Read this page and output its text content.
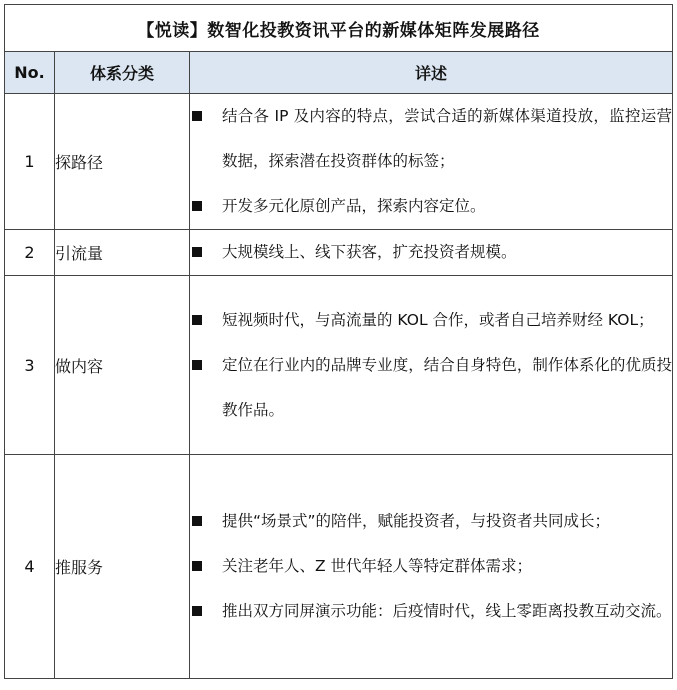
【悦读】数智化投教资讯平台的新媒体矩阵发展路径		
No.	体系分类	详述
1	探路径	结合各 IP 及内容的特点，尝试合适的新媒体渠道投放，监控运营数据，探索潜在投资群体的标签；
开发多元化原创产品，探索内容定位。

2	引流量	大规模线上、线下获客，扩充投资者规模。

3	做内容	短视频时代，与高流量的 KOL 合作，或者自己培养财经 KOL；
定位在行业内的品牌专业度，结合自身特色，制作体系化的优质投教作品。

4	推服务	提供“场景式”的陪伴，赋能投资者，与投资者共同成长；
关注老年人、Z 世代年轻人等特定群体需求；
推出双方同屏演示功能：后疫情时代，线上零距离投教互动交流。
